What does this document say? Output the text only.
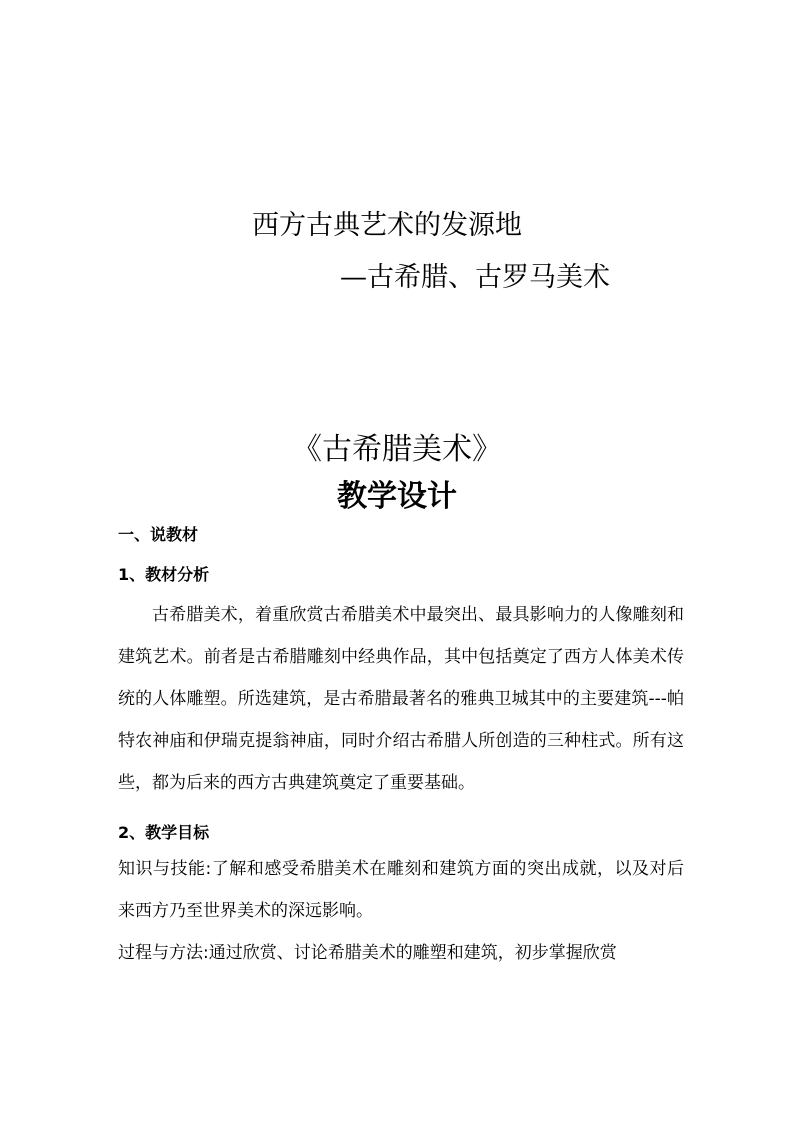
西方古典艺术的发源地
—古希腊、古罗马美术
《古希腊美术》
教学设计

一、说教材

1、教材分析

古希腊美术，着重欣赏古希腊美术中最突出、最具影响力的人像雕刻和建筑艺术。前者是古希腊雕刻中经典作品，其中包括奠定了西方人体美术传统的人体雕塑。所选建筑，是古希腊最著名的雅典卫城其中的主要建筑---帕特农神庙和伊瑞克提翁神庙，同时介绍古希腊人所创造的三种柱式。所有这些，都为后来的西方古典建筑奠定了重要基础。

2、教学目标

知识与技能:了解和感受希腊美术在雕刻和建筑方面的突出成就，以及对后来西方乃至世界美术的深远影响。

过程与方法:通过欣赏、讨论希腊美术的雕塑和建筑，初步掌握欣赏
